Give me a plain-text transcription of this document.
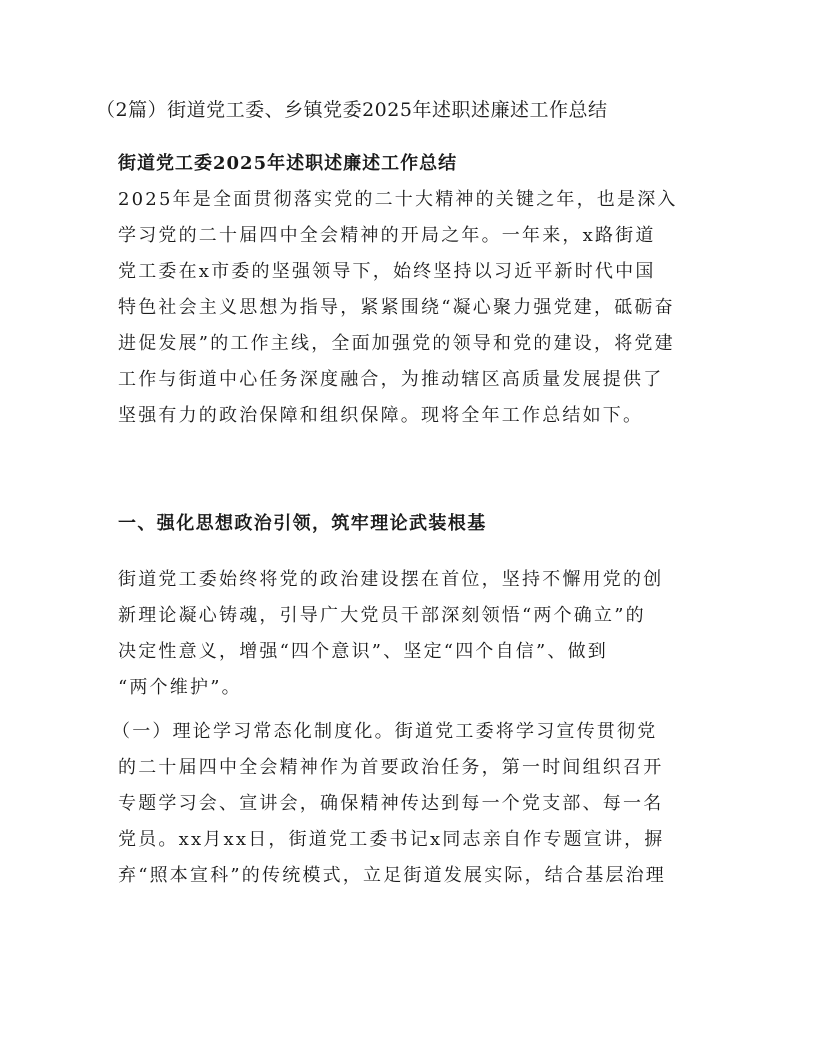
（2篇）街道党工委、乡镇党委2025年述职述廉述工作总结
街道党工委2025年述职述廉述工作总结

2025年是全面贯彻落实党的二十大精神的关键之年，也是深入
学习党的二十届四中全会精神的开局之年。一年来，x路街道
党工委在x市委的坚强领导下，始终坚持以习近平新时代中国
特色社会主义思想为指导，紧紧围绕“凝心聚力强党建，砥砺奋
进促发展”的工作主线，全面加强党的领导和党的建设，将党建
工作与街道中心任务深度融合，为推动辖区高质量发展提供了
坚强有力的政治保障和组织保障。现将全年工作总结如下。

一、强化思想政治引领，筑牢理论武装根基

街道党工委始终将党的政治建设摆在首位，坚持不懈用党的创
新理论凝心铸魂，引导广大党员干部深刻领悟“两个确立”的
决定性意义，增强“四个意识”、坚定“四个自信”、做到
“两个维护”。

（一）理论学习常态化制度化。街道党工委将学习宣传贯彻党
的二十届四中全会精神作为首要政治任务，第一时间组织召开
专题学习会、宣讲会，确保精神传达到每一个党支部、每一名
党员。xx月xx日，街道党工委书记x同志亲自作专题宣讲，摒
弃“照本宣科”的传统模式，立足街道发展实际，结合基层治理
